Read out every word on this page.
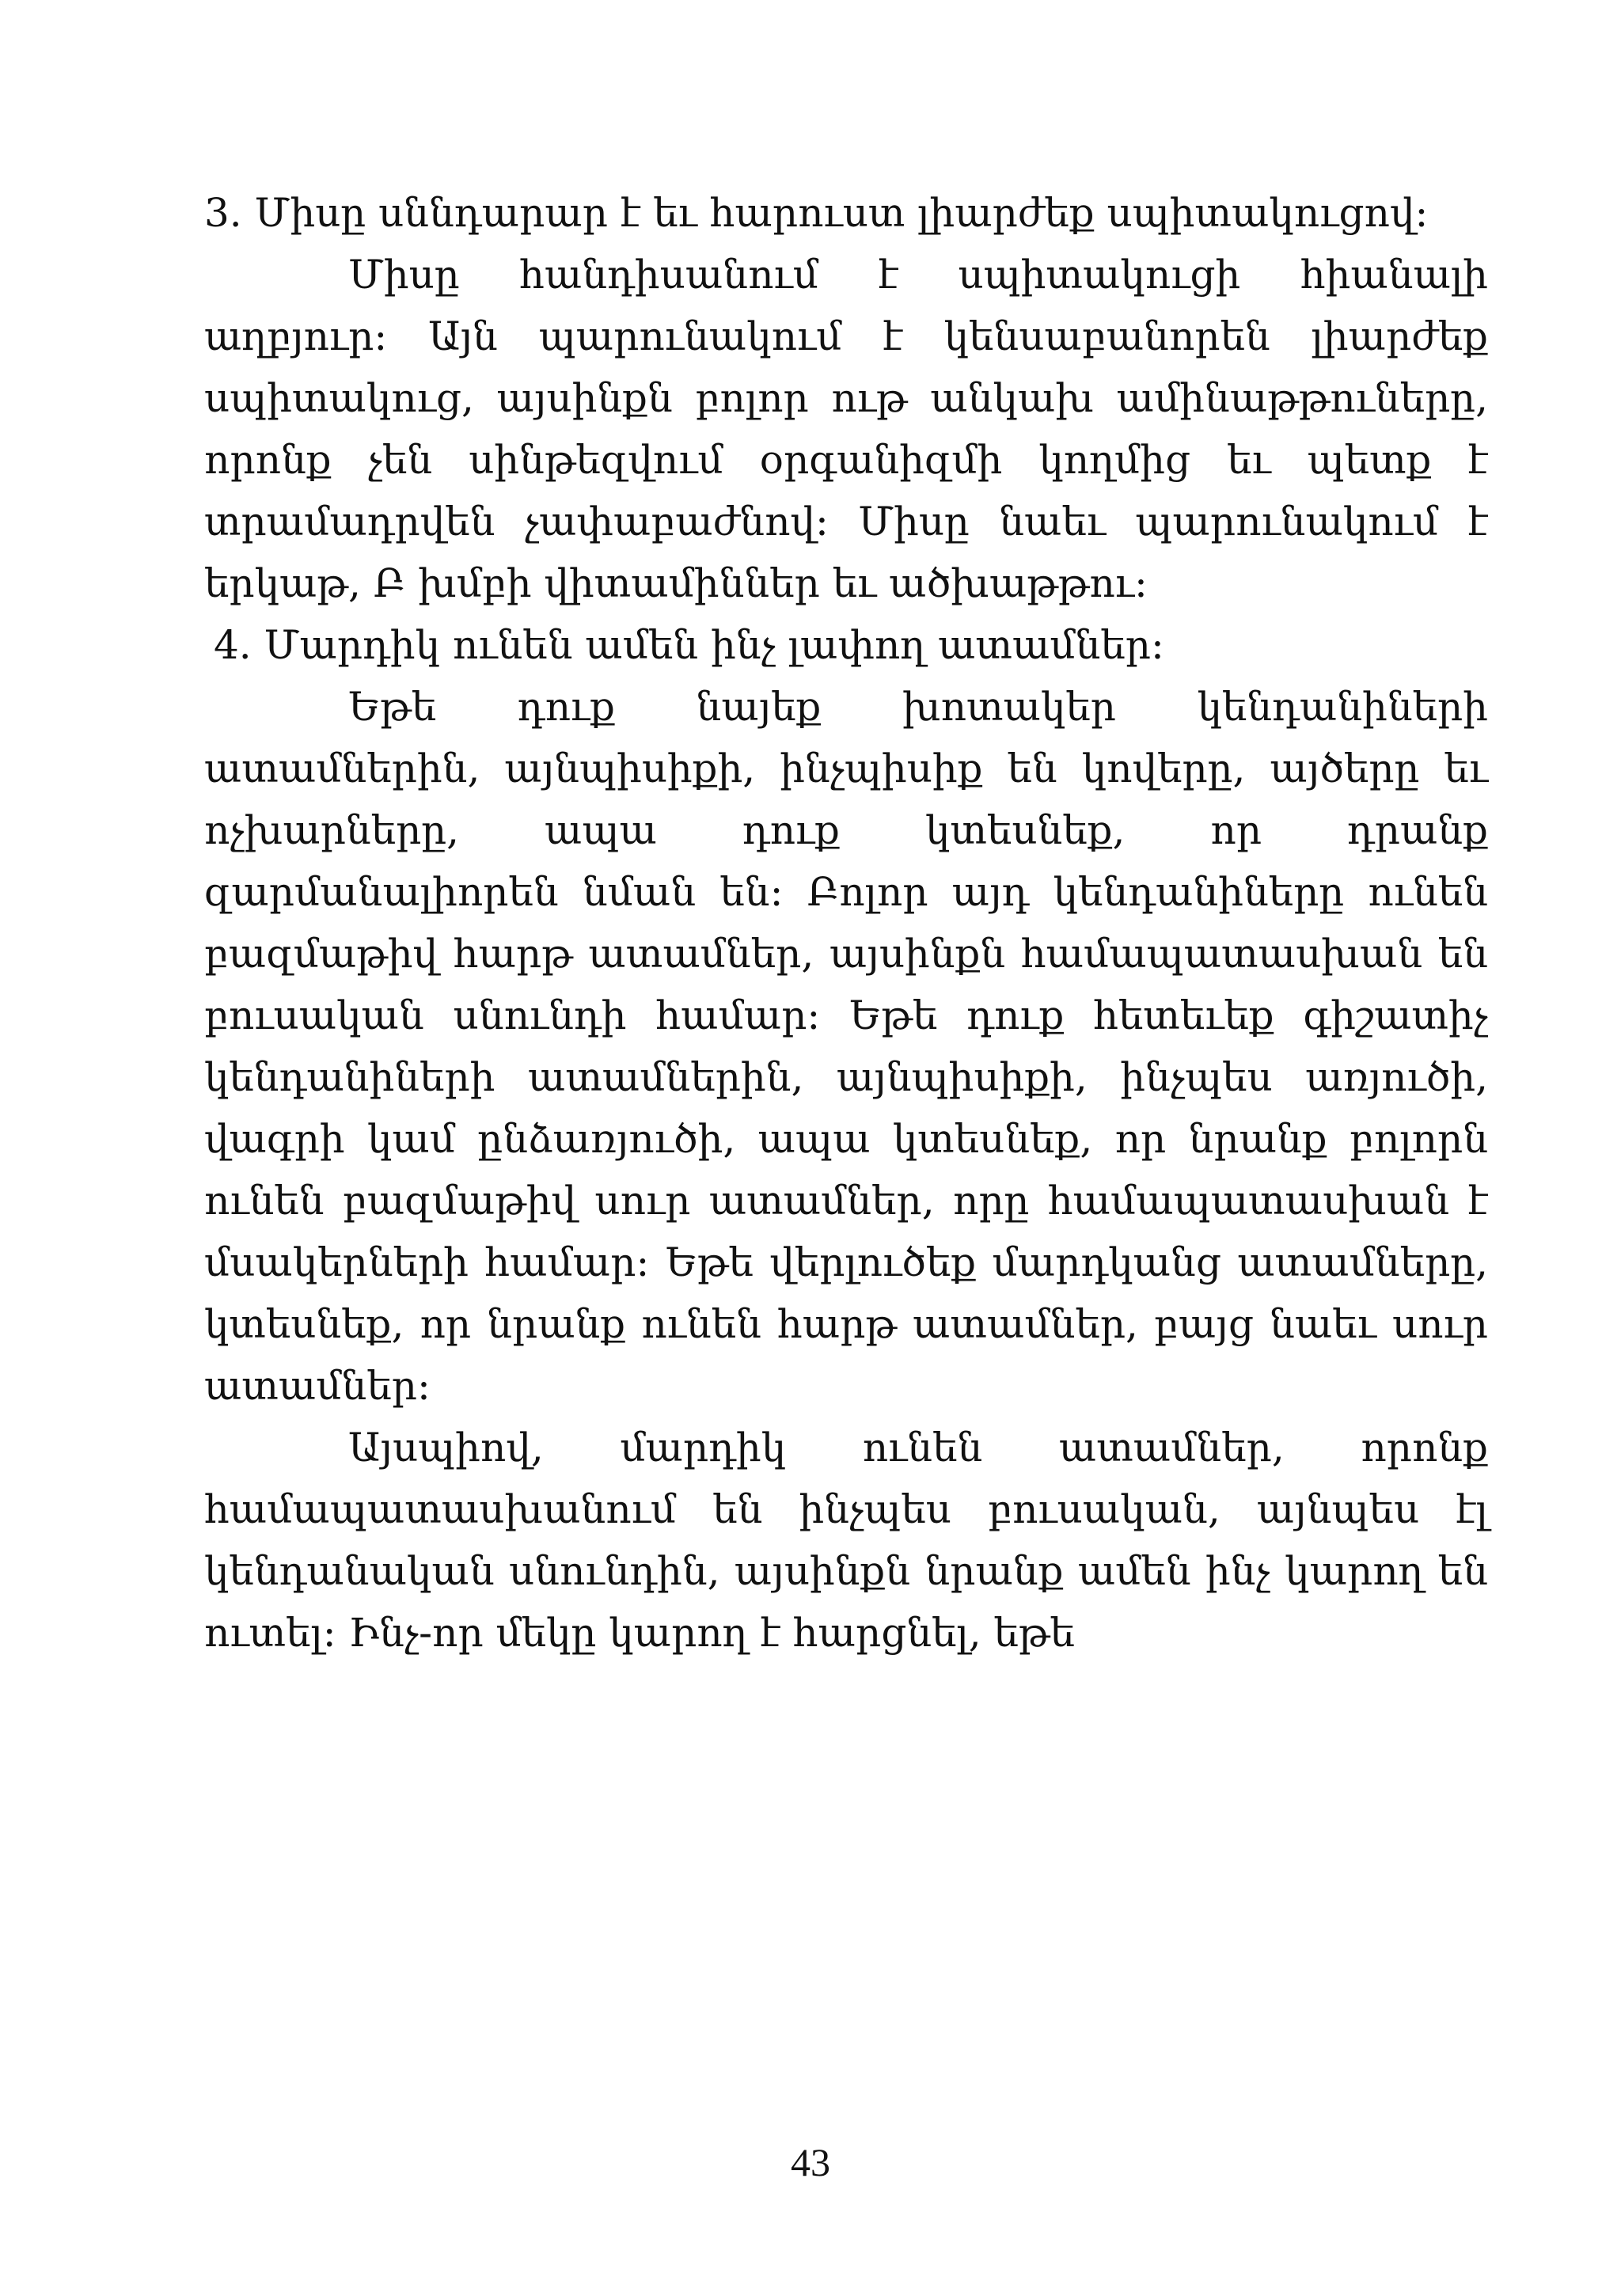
3. Միսը սննդարար է եւ հարուստ լիարժեք սպիտակուցով:

Միսը հանդիսանում է սպիտակուցի հիանալի աղբյուր: Այն պարունակում է կենսաբանորեն լիարժեք սպիտակուց, այսինքն բոլոր ութ անկախ ամինաթթուները, որոնք չեն սինթեզվում օրգանիզմի կողմից եւ պետք է տրամադրվեն չափաբաժնով: Միսը նաեւ պարունակում է երկաթ, Բ խմբի վիտամիններ եւ ածխաթթու:

4. Մարդիկ ունեն ամեն ինչ լափող ատամներ:

Եթե դուք նայեք խոտակեր կենդանիների ատամներին, այնպիսիքի, ինչպիսիք են կովերը, այծերը եւ ոչխարները, ապա դուք կտեսնեք, որ դրանք զարմանալիորեն նման են: Բոլոր այդ կենդանիները ունեն բազմաթիվ հարթ ատամներ, այսինքն համապատասխան են բուսական սնունդի համար: Եթե դուք հետեւեք գիշատիչ կենդանիների ատամներին, այնպիսիքի, ինչպես առյուծի, վագրի կամ ընձառյուծի, ապա կտեսնեք, որ նրանք բոլորն ունեն բազմաթիվ սուր ատամներ, որը համապատասխան է մսակերների համար: Եթե վերլուծեք մարդկանց ատամները, կտեսնեք, որ նրանք ունեն հարթ ատամներ, բայց նաեւ սուր ատամներ:

Այսպիով, մարդիկ ունեն ատամներ, որոնք համապատասխանում են ինչպես բուսական, այնպես էլ կենդանական սնունդին, այսինքն նրանք ամեն ինչ կարող են ուտել: Ինչ-որ մեկը կարող է հարցնել, եթե

43
